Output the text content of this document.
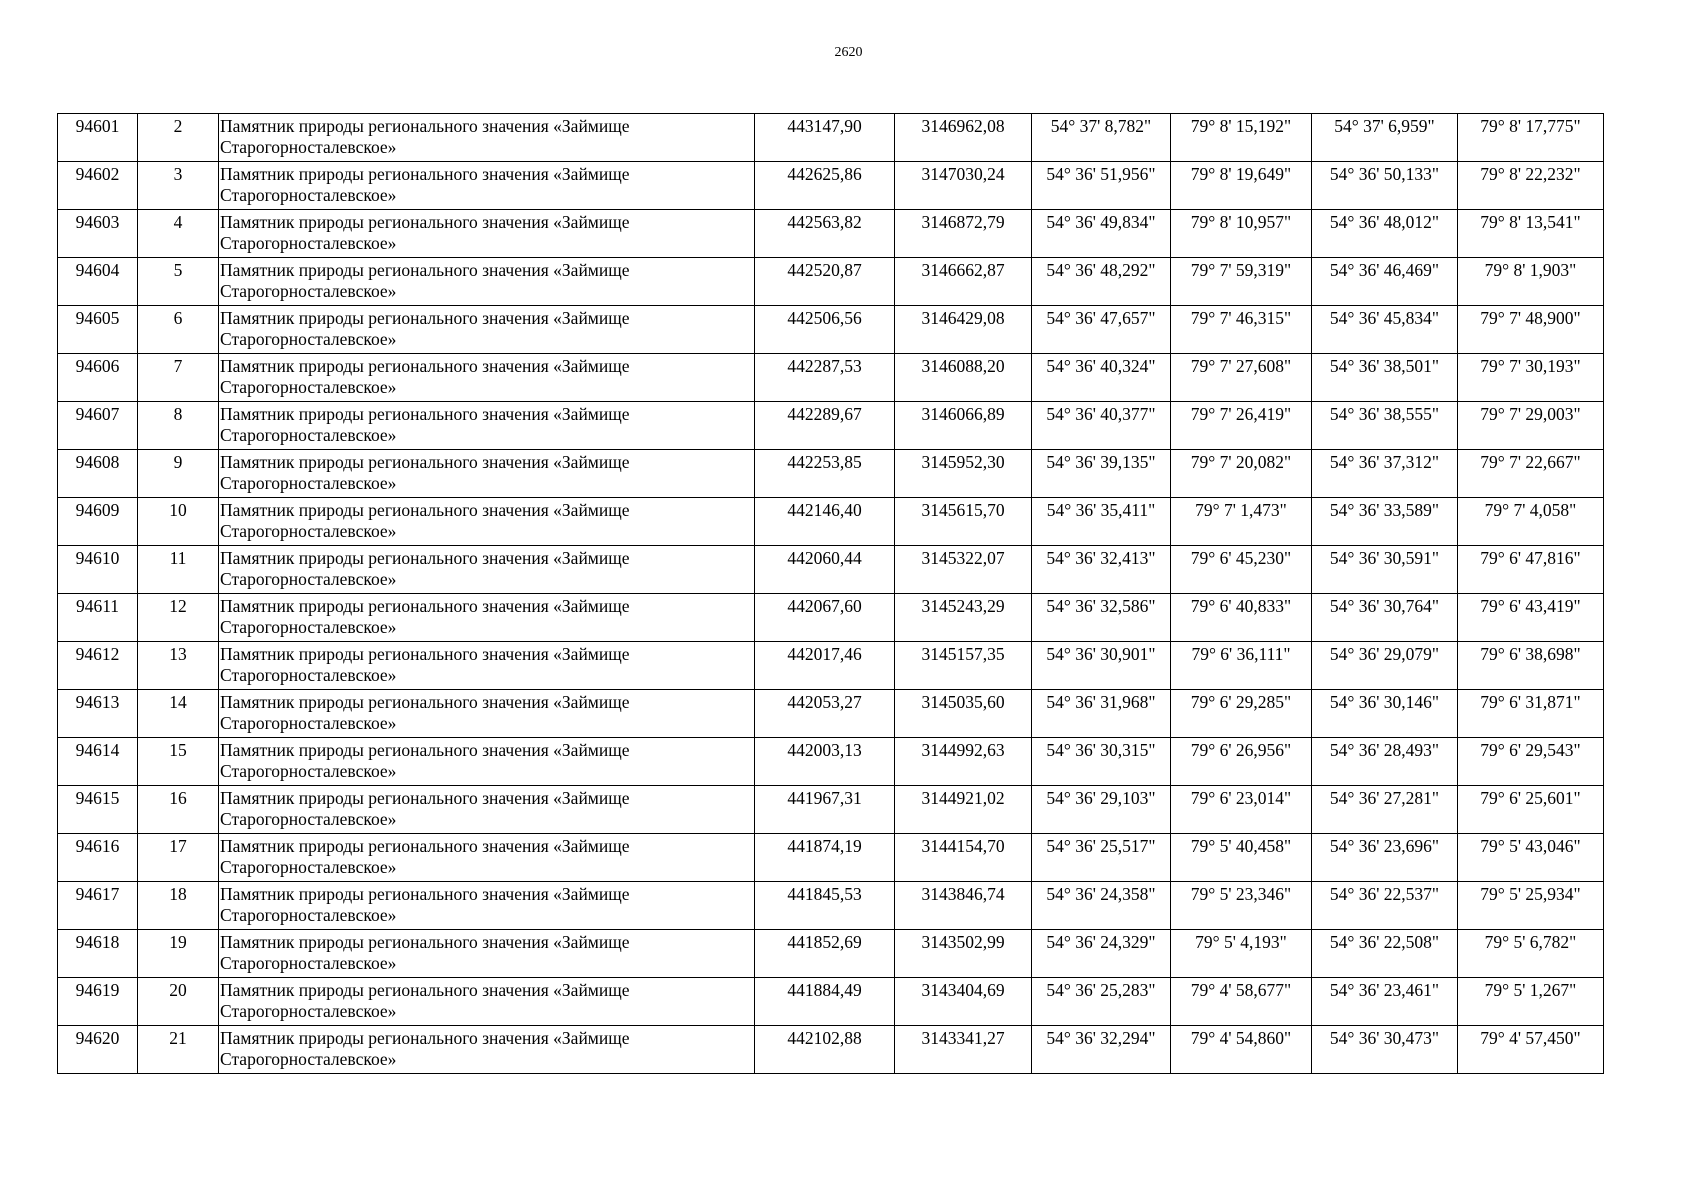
2620
94601	2	Памятник природы регионального значения «Займище Старогорносталевское»	443147,90	3146962,08	54° 37' 8,782"	79° 8' 15,192"	54° 37' 6,959"	79° 8' 17,775"
94602	3	Памятник природы регионального значения «Займище Старогорносталевское»	442625,86	3147030,24	54° 36' 51,956"	79° 8' 19,649"	54° 36' 50,133"	79° 8' 22,232"
94603	4	Памятник природы регионального значения «Займище Старогорносталевское»	442563,82	3146872,79	54° 36' 49,834"	79° 8' 10,957"	54° 36' 48,012"	79° 8' 13,541"
94604	5	Памятник природы регионального значения «Займище Старогорносталевское»	442520,87	3146662,87	54° 36' 48,292"	79° 7' 59,319"	54° 36' 46,469"	79° 8' 1,903"
94605	6	Памятник природы регионального значения «Займище Старогорносталевское»	442506,56	3146429,08	54° 36' 47,657"	79° 7' 46,315"	54° 36' 45,834"	79° 7' 48,900"
94606	7	Памятник природы регионального значения «Займище Старогорносталевское»	442287,53	3146088,20	54° 36' 40,324"	79° 7' 27,608"	54° 36' 38,501"	79° 7' 30,193"
94607	8	Памятник природы регионального значения «Займище Старогорносталевское»	442289,67	3146066,89	54° 36' 40,377"	79° 7' 26,419"	54° 36' 38,555"	79° 7' 29,003"
94608	9	Памятник природы регионального значения «Займище Старогорносталевское»	442253,85	3145952,30	54° 36' 39,135"	79° 7' 20,082"	54° 36' 37,312"	79° 7' 22,667"
94609	10	Памятник природы регионального значения «Займище Старогорносталевское»	442146,40	3145615,70	54° 36' 35,411"	79° 7' 1,473"	54° 36' 33,589"	79° 7' 4,058"
94610	11	Памятник природы регионального значения «Займище Старогорносталевское»	442060,44	3145322,07	54° 36' 32,413"	79° 6' 45,230"	54° 36' 30,591"	79° 6' 47,816"
94611	12	Памятник природы регионального значения «Займище Старогорносталевское»	442067,60	3145243,29	54° 36' 32,586"	79° 6' 40,833"	54° 36' 30,764"	79° 6' 43,419"
94612	13	Памятник природы регионального значения «Займище Старогорносталевское»	442017,46	3145157,35	54° 36' 30,901"	79° 6' 36,111"	54° 36' 29,079"	79° 6' 38,698"
94613	14	Памятник природы регионального значения «Займище Старогорносталевское»	442053,27	3145035,60	54° 36' 31,968"	79° 6' 29,285"	54° 36' 30,146"	79° 6' 31,871"
94614	15	Памятник природы регионального значения «Займище Старогорносталевское»	442003,13	3144992,63	54° 36' 30,315"	79° 6' 26,956"	54° 36' 28,493"	79° 6' 29,543"
94615	16	Памятник природы регионального значения «Займище Старогорносталевское»	441967,31	3144921,02	54° 36' 29,103"	79° 6' 23,014"	54° 36' 27,281"	79° 6' 25,601"
94616	17	Памятник природы регионального значения «Займище Старогорносталевское»	441874,19	3144154,70	54° 36' 25,517"	79° 5' 40,458"	54° 36' 23,696"	79° 5' 43,046"
94617	18	Памятник природы регионального значения «Займище Старогорносталевское»	441845,53	3143846,74	54° 36' 24,358"	79° 5' 23,346"	54° 36' 22,537"	79° 5' 25,934"
94618	19	Памятник природы регионального значения «Займище Старогорносталевское»	441852,69	3143502,99	54° 36' 24,329"	79° 5' 4,193"	54° 36' 22,508"	79° 5' 6,782"
94619	20	Памятник природы регионального значения «Займище Старогорносталевское»	441884,49	3143404,69	54° 36' 25,283"	79° 4' 58,677"	54° 36' 23,461"	79° 5' 1,267"
94620	21	Памятник природы регионального значения «Займище Старогорносталевское»	442102,88	3143341,27	54° 36' 32,294"	79° 4' 54,860"	54° 36' 30,473"	79° 4' 57,450"
